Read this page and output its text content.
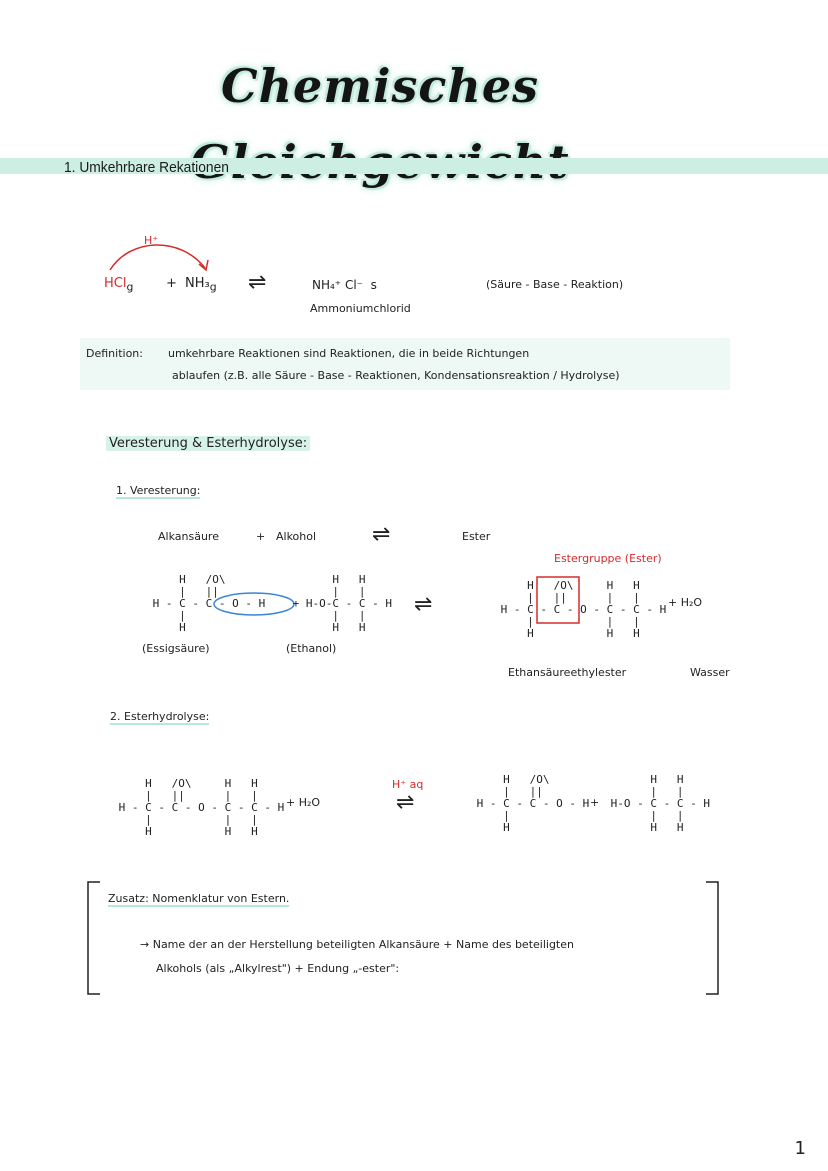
Chemisches
1. Umkehrbare Rekationen
H⁺
HCl$_g$	+ $NH_3_g$ ⇌	NH₄⁺ Cl⁻ s
Ammoniumchlorid
(Säure - Base - Reaktion)
Definition: umkehrbare Reaktionen sind Reaktionen, die in beide Richtungen
ablaufen (z.B. alle Säure - Base - Reaktionen, Kondensationsreaktion / Hydrolyse)
Veresterung & Esterhydrolyse:
1. Veresterung:
Alkansäure	+ Alkohol	⇌	Ester
Estergruppe (Ester)
H   /O\
|   ||
H - C - C - O - H
|
H
H   H
|   |
+ H-O-C - C - H
|   |
H   H
(Essigsäure)	(Ethanol)
⇌
H   /O\     H   H
|   ||      |   |
H - C - C - O - C - C - H
|           |   |
H           H   H
+ H₂O
Ethansäureethylester	Wasser
2. Esterhydrolyse:
H   /O\     H   H
|   ||      |   |
H - C - C - O - C - C - H
|           |   |
H           H   H
+ H₂O
H⁺ aq
⇌
H   /O\
|   ||
H - C - C - O - H
|
H
+
H   H
|   |
H-O - C - C - H
|   |
H   H
Zusatz: Nomenklatur von Estern.
→ Name der an der Herstellung beteiligten Alkansäure + Name des beteiligten
Alkohols (als „Alkylrest") + Endung „-ester":
1
